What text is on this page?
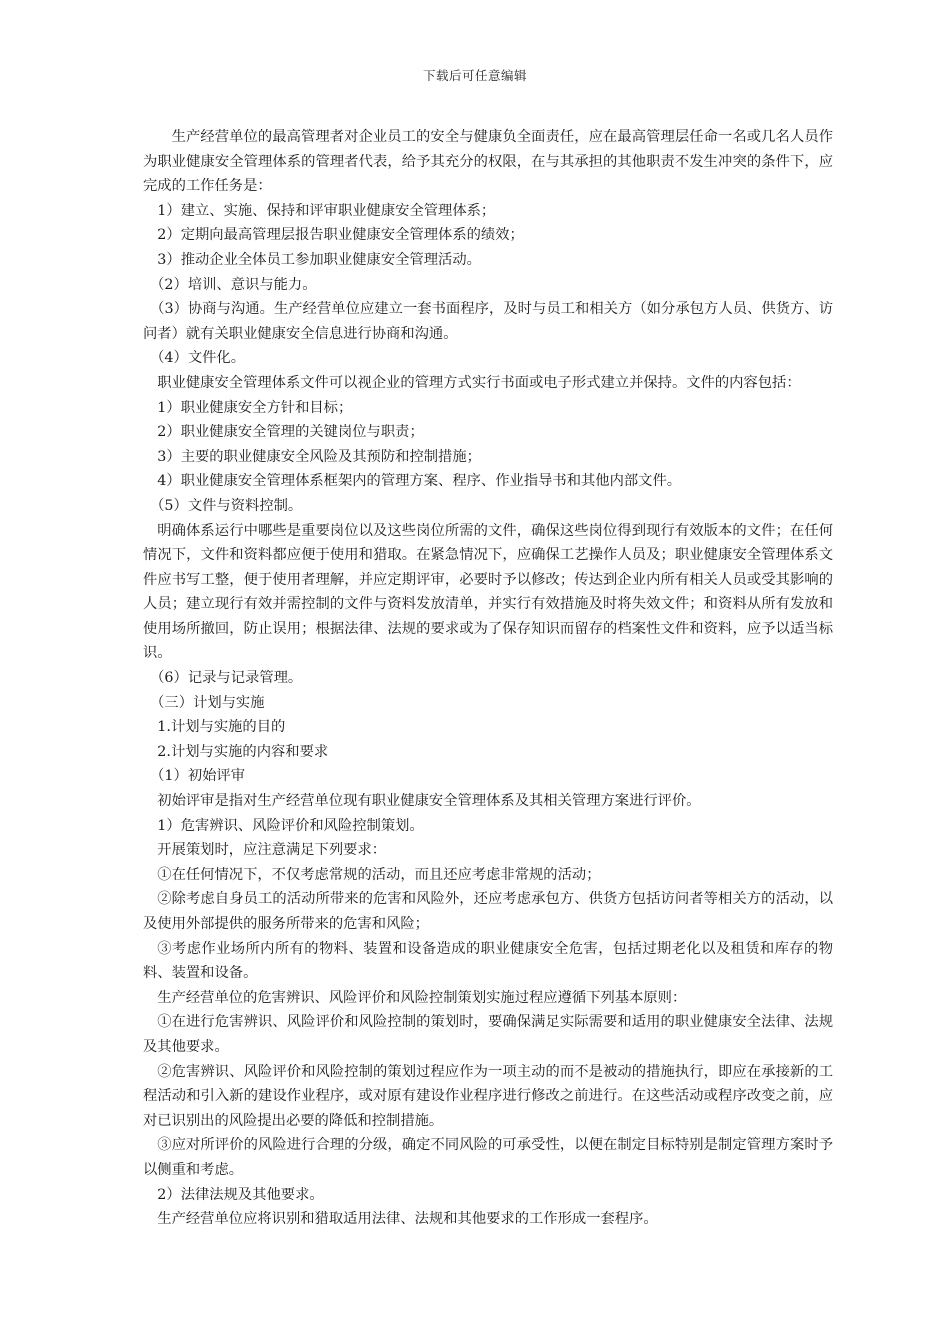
下载后可任意编辑

生产经营单位的最高管理者对企业员工的安全与健康负全面责任，应在最高管理层任命一名或几名人员作为职业健康安全管理体系的管理者代表，给予其充分的权限，在与其承担的其他职责不发生冲突的条件下，应完成的工作任务是：

1）建立、实施、保持和评审职业健康安全管理体系；

2）定期向最高管理层报告职业健康安全管理体系的绩效；

3）推动企业全体员工参加职业健康安全管理活动。

（2）培训、意识与能力。

（3）协商与沟通。生产经营单位应建立一套书面程序，及时与员工和相关方（如分承包方人员、供货方、访问者）就有关职业健康安全信息进行协商和沟通。

（4）文件化。

职业健康安全管理体系文件可以视企业的管理方式实行书面或电子形式建立并保持。文件的内容包括：

1）职业健康安全方针和目标；

2）职业健康安全管理的关键岗位与职责；

3）主要的职业健康安全风险及其预防和控制措施；

4）职业健康安全管理体系框架内的管理方案、程序、作业指导书和其他内部文件。

（5）文件与资料控制。

明确体系运行中哪些是重要岗位以及这些岗位所需的文件，确保这些岗位得到现行有效版本的文件；在任何情况下，文件和资料都应便于使用和猎取。在紧急情况下，应确保工艺操作人员及；职业健康安全管理体系文件应书写工整，便于使用者理解，并应定期评审，必要时予以修改；传达到企业内所有相关人员或受其影响的人员；建立现行有效并需控制的文件与资料发放清单，并实行有效措施及时将失效文件；和资料从所有发放和使用场所撤回，防止误用；根据法律、法规的要求或为了保存知识而留存的档案性文件和资料，应予以适当标识。

（6）记录与记录管理。

（三）计划与实施

1.计划与实施的目的

2.计划与实施的内容和要求

（1）初始评审

初始评审是指对生产经营单位现有职业健康安全管理体系及其相关管理方案进行评价。

1）危害辨识、风险评价和风险控制策划。

开展策划时，应注意满足下列要求：

①在任何情况下，不仅考虑常规的活动，而且还应考虑非常规的活动；

②除考虑自身员工的活动所带来的危害和风险外，还应考虑承包方、供货方包括访问者等相关方的活动，以及使用外部提供的服务所带来的危害和风险；

③考虑作业场所内所有的物料、装置和设备造成的职业健康安全危害，包括过期老化以及租赁和库存的物料、装置和设备。

生产经营单位的危害辨识、风险评价和风险控制策划实施过程应遵循下列基本原则：

①在进行危害辨识、风险评价和风险控制的策划时，要确保满足实际需要和适用的职业健康安全法律、法规及其他要求。

②危害辨识、风险评价和风险控制的策划过程应作为一项主动的而不是被动的措施执行，即应在承接新的工程活动和引入新的建设作业程序，或对原有建设作业程序进行修改之前进行。在这些活动或程序改变之前，应对已识别出的风险提出必要的降低和控制措施。

③应对所评价的风险进行合理的分级，确定不同风险的可承受性，以便在制定目标特别是制定管理方案时予以侧重和考虑。

2）法律法规及其他要求。

生产经营单位应将识别和猎取适用法律、法规和其他要求的工作形成一套程序。
